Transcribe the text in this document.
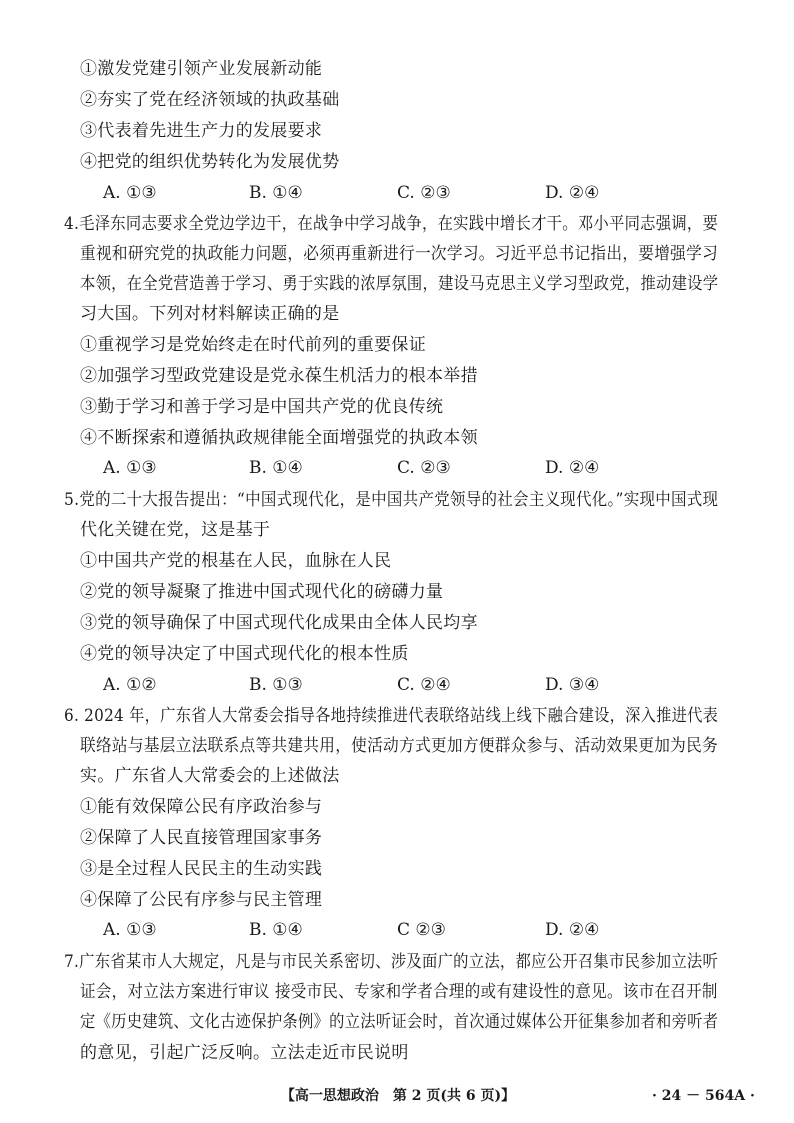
①激发党建引领产业发展新动能
②夯实了党在经济领域的执政基础
③代表着先进生产力的发展要求
④把党的组织优势转化为发展优势
A. ①③	B. ①④	C. ②③	D. ②④
4.毛泽东同志要求全党边学边干，在战争中学习战争，在实践中增长才干。邓小平同志强调，要
重视和研究党的执政能力问题，必须再重新进行一次学习。习近平总书记指出，要增强学习
本领，在全党营造善于学习、勇于实践的浓厚氛围，建设马克思主义学习型政党，推动建设学
习大国。下列对材料解读正确的是
①重视学习是党始终走在时代前列的重要保证
②加强学习型政党建设是党永葆生机活力的根本举措
③勤于学习和善于学习是中国共产党的优良传统
④不断探索和遵循执政规律能全面增强党的执政本领
A. ①③	B. ①④	C. ②③	D. ②④
5.党的二十大报告提出：“中国式现代化，是中国共产党领导的社会主义现代化。”实现中国式现
代化关键在党，这是基于
①中国共产党的根基在人民，血脉在人民
②党的领导凝聚了推进中国式现代化的磅礴力量
③党的领导确保了中国式现代化成果由全体人民均享
④党的领导决定了中国式现代化的根本性质
A. ①②	B. ①③	C. ②④	D. ③④
6. 2024 年，广东省人大常委会指导各地持续推进代表联络站线上线下融合建设，深入推进代表
联络站与基层立法联系点等共建共用，使活动方式更加方便群众参与、活动效果更加为民务
实。广东省人大常委会的上述做法
①能有效保障公民有序政治参与
②保障了人民直接管理国家事务
③是全过程人民民主的生动实践
④保障了公民有序参与民主管理
A. ①③	B. ①④	C ②③	D. ②④
7.广东省某市人大规定，凡是与市民关系密切、涉及面广的立法，都应公开召集市民参加立法听
证会，对立法方案进行审议 接受市民、专家和学者合理的或有建设性的意见。该市在召开制
定《历史建筑、文化古迹保护条例》的立法听证会时，首次通过媒体公开征集参加者和旁听者
的意见，引起广泛反响。立法走近市民说明
【高一思想政治　第 2 页(共 6 页)】	· 24 － 564A ·
